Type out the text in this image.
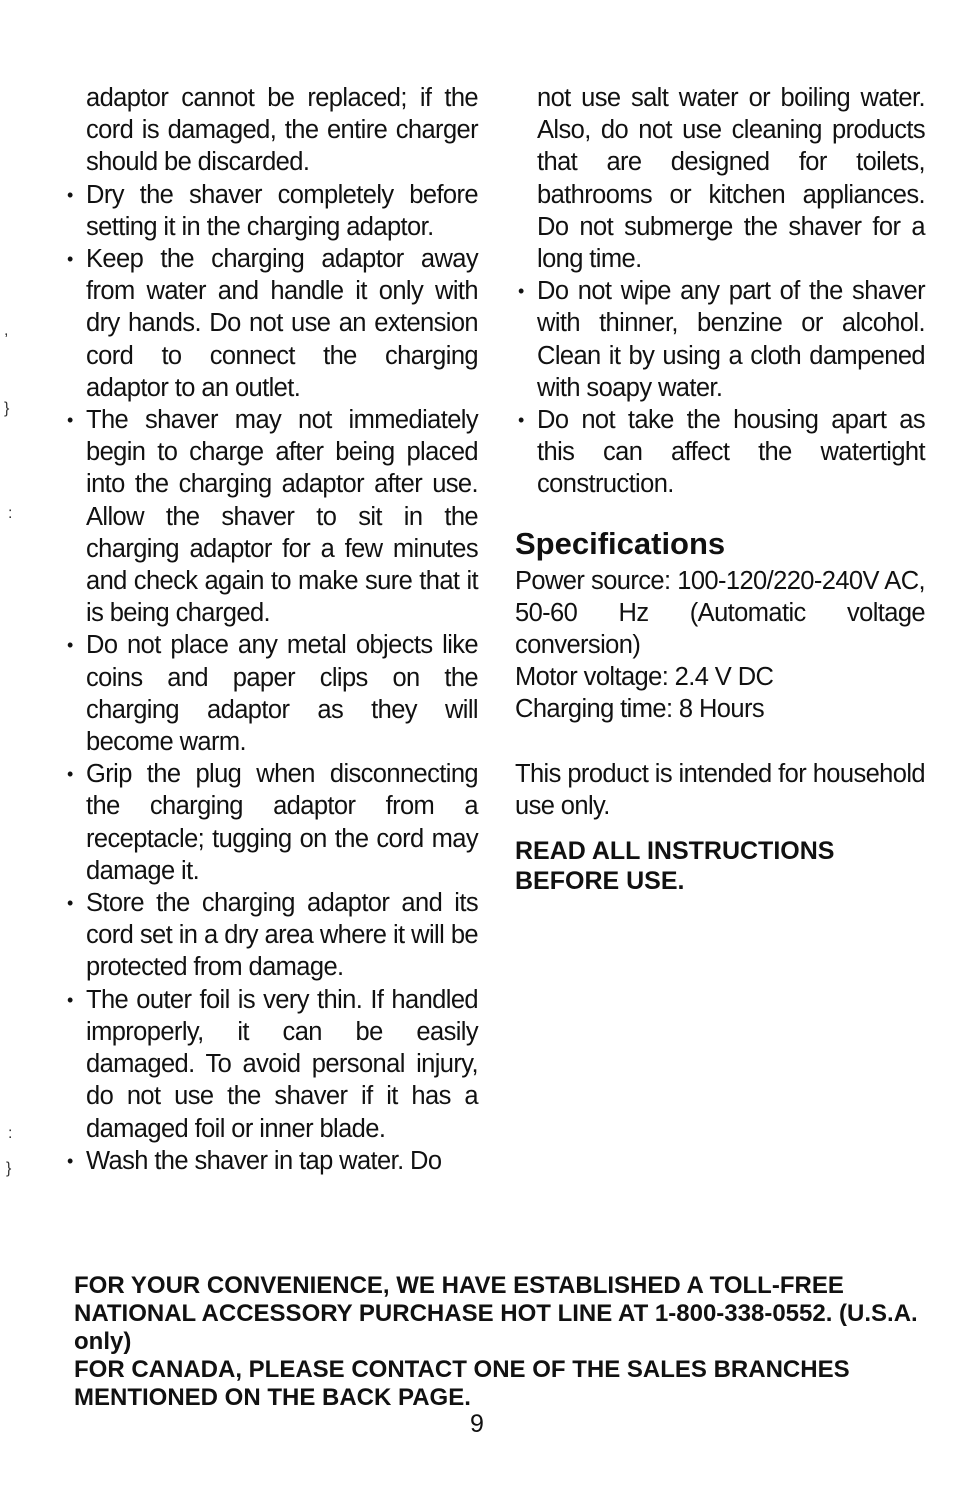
,
}
:
:
}

adaptor cannot be replaced; if the cord is damaged, the entire charger should be discarded.

• Dry the shaver completely before setting it in the charging adaptor.

• Keep the charging adaptor away from water and handle it only with dry hands. Do not use an extension cord to connect the charging adaptor to an outlet.

• The shaver may not immediately begin to charge after being placed into the charging adaptor after use. Allow the shaver to sit in the charging adaptor for a few minutes and check again to make sure that it is being charged.

• Do not place any metal objects like coins and paper clips on the charging adaptor as they will become warm.

• Grip the plug when disconnecting the charging adaptor from a receptacle; tugging on the cord may damage it.

• Store the charging adaptor and its cord set in a dry area where it will be protected from damage.

• The outer foil is very thin. If handled improperly, it can be easily damaged. To avoid personal injury, do not use the shaver if it has a damaged foil or inner blade.

• Wash the shaver in tap water. Do

not use salt water or boiling water. Also, do not use cleaning products that are designed for toilets, bathrooms or kitchen appliances. Do not submerge the shaver for a long time.

• Do not wipe any part of the shaver with thinner, benzine or alcohol. Clean it by using a cloth dampened with soapy water.

• Do not take the housing apart as this can affect the watertight construction.

Specifications

Power source: 100-120/220-240V AC, 50-60 Hz (Automatic voltage conversion)

Motor voltage: 2.4 V DC

Charging time: 8 Hours

This product is intended for household use only.

READ ALL INSTRUCTIONS BEFORE USE.

FOR YOUR CONVENIENCE, WE HAVE ESTABLISHED A TOLL-FREE NATIONAL ACCESSORY PURCHASE HOT LINE AT 1-800-338-0552. (U.S.A. only)

FOR CANADA, PLEASE CONTACT ONE OF THE SALES BRANCHES MENTIONED ON THE BACK PAGE.

9
